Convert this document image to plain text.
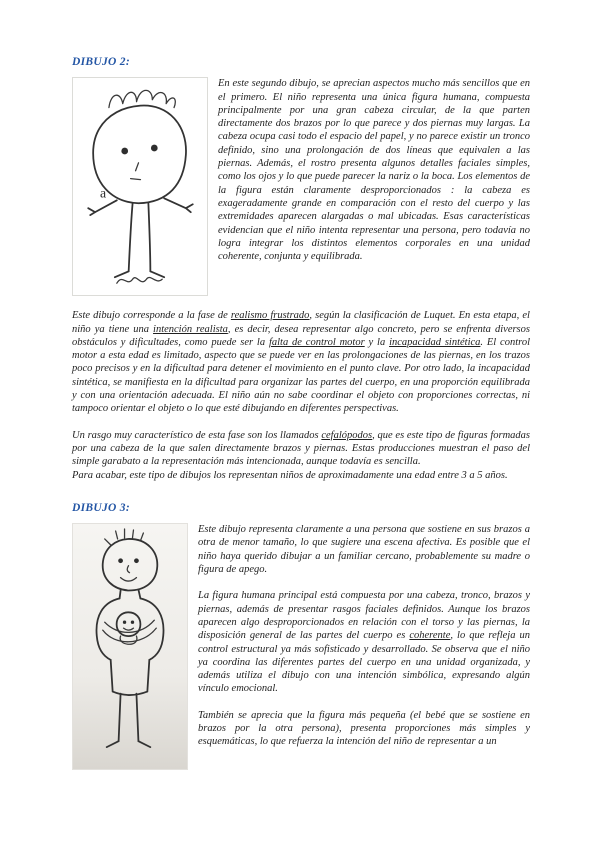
DIBUJO 2:
a

En este segundo dibujo, se aprecian aspectos mucho más sencillos que en el primero. El niño representa una única figura humana, compuesta principalmente por una gran cabeza circular, de la que parten directamente dos brazos por lo que parece y dos piernas muy largas. La cabeza ocupa casi todo el espacio del papel, y no parece existir un tronco definido, sino una prolongación de dos líneas que equivalen a las piernas. Además, el rostro presenta algunos detalles faciales simples, como los ojos y lo que puede parecer la nariz o la boca. Los elementos de la figura están claramente desproporcionados : la cabeza es exageradamente grande en comparación con el resto del cuerpo y las extremidades aparecen alargadas o mal ubicadas. Esas características evidencian que el niño intenta representar una persona, pero todavía no logra integrar los distintos elementos corporales en una unidad coherente, conjunta y equilibrada.

Este dibujo corresponde a la fase de realismo frustrado, según la clasificación de Luquet. En esta etapa, el niño ya tiene una intención realista, es decir, desea representar algo concreto, pero se enfrenta diversos obstáculos y dificultades, como puede ser la falta de control motor y la incapacidad sintética. El control motor a esta edad es limitado, aspecto que se puede ver en las prolongaciones de las piernas, en los trazos poco precisos y en la dificultad para detener el movimiento en el punto clave. Por otro lado, la incapacidad sintética, se manifiesta en la dificultad para organizar las partes del cuerpo, en una proporción equilibrada y con una orientación adecuada. El niño aún no sabe coordinar el objeto con proporciones correctas, ni tampoco orientar el objeto o lo que esté dibujando en diferentes perspectivas.

Un rasgo muy característico de esta fase son los llamados cefalópodos, que es este tipo de figuras formadas por una cabeza de la que salen directamente brazos y piernas. Estas producciones muestran el paso del simple garabato a la representación más intencionada, aunque todavía es sencilla.

Para acabar, este tipo de dibujos los representan niños de aproximadamente una edad entre 3 a 5 años.

DIBUJO 3:

Este dibujo representa claramente a una persona que sostiene en sus brazos a otra de menor tamaño, lo que sugiere una escena afectiva. Es posible que el niño haya querido dibujar a un familiar cercano, probablemente su madre o figura de apego.

La figura humana principal está compuesta por una cabeza, tronco, brazos y piernas, además de presentar rasgos faciales definidos. Aunque los brazos aparecen algo desproporcionados en relación con el torso y las piernas, la disposición general de las partes del cuerpo es coherente, lo que refleja un control estructural ya más sofisticado y desarrollado. Se observa que el niño ya coordina las diferentes partes del cuerpo en una unidad organizada, y además utiliza el dibujo con una intención simbólica, expresando algún vínculo emocional.

También se aprecia que la figura más pequeña (el bebé que se sostiene en brazos por la otra persona), presenta proporciones más simples y esquemáticas, lo que refuerza la intención del niño de representar a un
